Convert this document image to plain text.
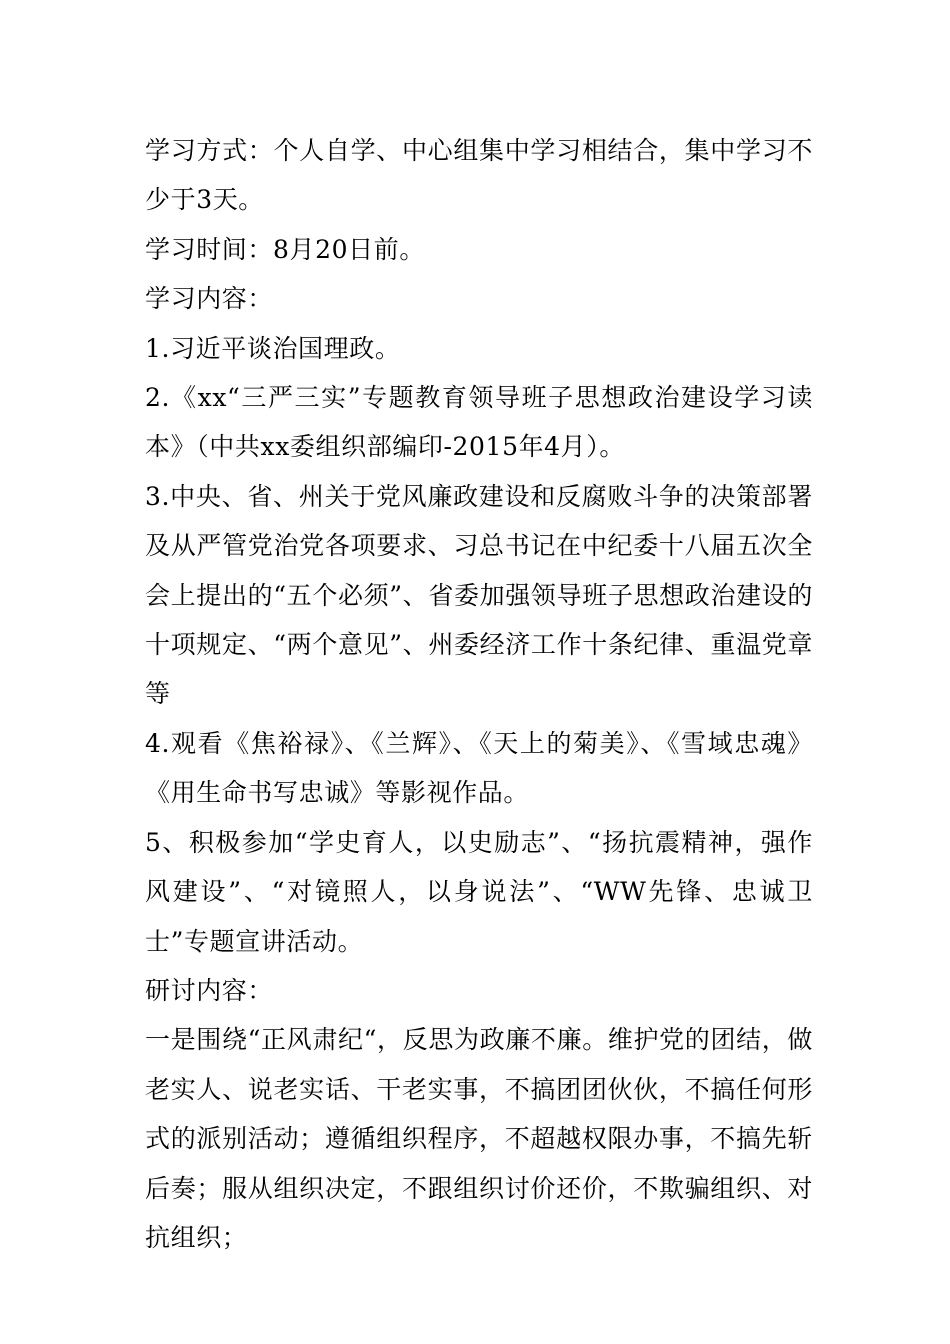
学习方式：个人自学、中心组集中学习相结合，集中学习不少于3天。

学习时间：8月20日前。

学习内容：

1.习近平谈治国理政。

2.《xx“三严三实”专题教育领导班子思想政治建设学习读本》（中共xx委组织部编印-2015年4月）。

3.中央、省、州关于党风廉政建设和反腐败斗争的决策部署及从严管党治党各项要求、习总书记在中纪委十八届五次全会上提出的“五个必须”、省委加强领导班子思想政治建设的十项规定、“两个意见”、州委经济工作十条纪律、重温党章等

4.观看《焦裕禄》、《兰辉》、《天上的菊美》、《雪域忠魂》《用生命书写忠诚》等影视作品。

5、积极参加“学史育人，以史励志”、“扬抗震精神，强作风建设”、“对镜照人，以身说法”、“WW先锋、忠诚卫士”专题宣讲活动。

研讨内容：

一是围绕“正风肃纪“，反思为政廉不廉。维护党的团结，做老实人、说老实话、干老实事，不搞团团伙伙，不搞任何形式的派别活动；遵循组织程序，不超越权限办事，不搞先斩后奏；服从组织决定，不跟组织讨价还价，不欺骗组织、对抗组织；
